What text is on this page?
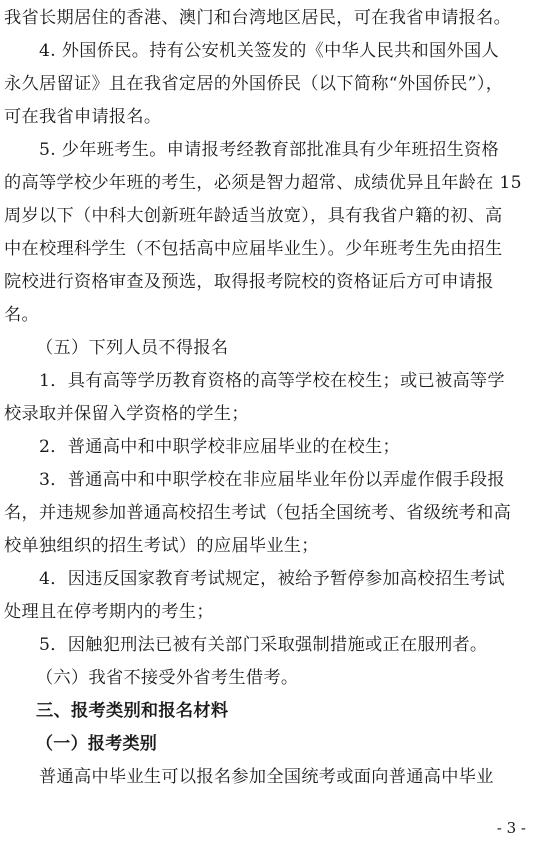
我省长期居住的香港、澳门和台湾地区居民，可在我省申请报名。
4. 外国侨民。持有公安机关签发的《中华人民共和国外国人
永久居留证》且在我省定居的外国侨民（以下简称“外国侨民”），
可在我省申请报名。
5. 少年班考生。申请报考经教育部批准具有少年班招生资格
的高等学校少年班的考生，必须是智力超常、成绩优异且年龄在 15
周岁以下（中科大创新班年龄适当放宽），具有我省户籍的初、高
中在校理科学生（不包括高中应届毕业生）。少年班考生先由招生
院校进行资格审查及预选，取得报考院校的资格证后方可申请报
名。
（五）下列人员不得报名
1．具有高等学历教育资格的高等学校在校生；或已被高等学
校录取并保留入学资格的学生；
2．普通高中和中职学校非应届毕业的在校生；
3．普通高中和中职学校在非应届毕业年份以弄虚作假手段报
名，并违规参加普通高校招生考试（包括全国统考、省级统考和高
校单独组织的招生考试）的应届毕业生；
4．因违反国家教育考试规定，被给予暂停参加高校招生考试
处理且在停考期内的考生；
5．因触犯刑法已被有关部门采取强制措施或正在服刑者。
（六）我省不接受外省考生借考。
三、报考类别和报名材料
（一）报考类别
普通高中毕业生可以报名参加全国统考或面向普通高中毕业
- 3 -
